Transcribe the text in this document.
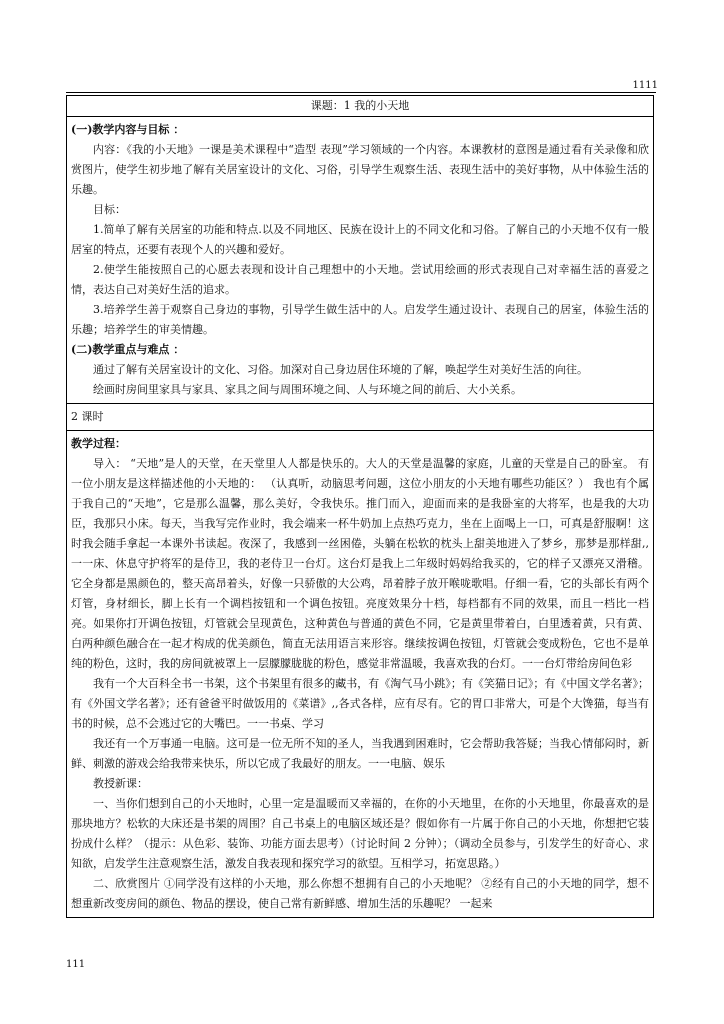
1111
课题：1 我的小天地
(一)教学内容与目标 ：

内容：《我的小天地》一课是美术课程中“造型 表现”学习领域的一个内容。本课教材的意图是通过看有关录像和欣赏图片，使学生初步地了解有关居室设计的文化、习俗，引导学生观察生活、表现生活中的美好事物，从中体验生活的乐趣。

目标：

1.简单了解有关居室的功能和特点.以及不同地区、民族在设计上的不同文化和习俗。了解自己的小天地不仅有一般居室的特点，还要有表现个人的兴趣和爱好。

2.使学生能按照自己的心愿去表现和设计自己理想中的小天地。尝试用绘画的形式表现自己对幸福生活的喜爱之情，表达自己对美好生活的追求。

3.培养学生善于观察自己身边的事物，引导学生做生活中的人。启发学生通过设计、表现自己的居室，体验生活的乐趣；培养学生的审美情趣。

(二)教学重点与难点 ：

通过了解有关居室设计的文化、习俗。加深对自己身边居住环境的了解，唤起学生对美好生活的向往。

绘画时房间里家具与家具、家具之间与周围环境之间、人与环境之间的前后、大小关系。

2 课时
教学过程：

导入： “天地”是人的天堂，在天堂里人人都是快乐的。大人的天堂是温馨的家庭，儿童的天堂是自己的卧室。 有一位小朋友是这样描述他的小天地的： （认真听，动脑思考问题，这位小朋友的小天地有哪些功能区？） 我也有个属于我自己的“天地”，它是那么温馨，那么美好，令我快乐。推门而入，迎面而来的是我卧室的大将军，也是我的大功臣，我那只小床。每天，当我写完作业时，我会端来一杯牛奶加上点热巧克力，坐在上面喝上一口，可真是舒服啊！这时我会随手拿起一本课外书读起。夜深了，我感到一丝困倦，头躺在松软的枕头上甜美地进入了梦乡，那梦是那样甜,,一一床、休息守护将军的是侍卫，我的老侍卫一台灯。这台灯是我上二年级时妈妈给我买的，它的样子又漂亮又滑稽。它全身都是黑颜色的，整天高昂着头，好像一只骄傲的大公鸡，昂着脖子放开喉咙歌唱。仔细一看，它的头部长有两个灯管，身材细长，脚上长有一个调档按钮和一个调色按钮。亮度效果分十档，每档都有不同的效果，而且一档比一档亮。如果你打开调色按钮，灯管就会呈现黄色，这种黄色与普通的黄色不同，它是黄里带着白，白里透着黄，只有黄、白两种颜色融合在一起才构成的优美颜色，简直无法用语言来形容。继续按调色按钮，灯管就会变成粉色，它也不是单纯的粉色，这时，我的房间就被罩上一层朦朦胧胧的粉色，感觉非常温暖，我喜欢我的台灯。一一台灯带给房间色彩

我有一个大百科全书一书架，这个书架里有很多的藏书，有《淘气马小跳》；有《笑猫日记》；有《中国文学名著》；有《外国文学名著》；还有爸爸平时做饭用的《菜谱》,,各式各样，应有尽有。它的胃口非常大，可是个大馋猫，每当有书的时候，总不会逃过它的大嘴巴。一一书桌、学习

我还有一个万事通一电脑。这可是一位无所不知的圣人，当我遇到困难时，它会帮助我答疑；当我心情郁闷时，新鲜、刺激的游戏会给我带来快乐，所以它成了我最好的朋友。一一电脑、娱乐

教授新课：

一、当你们想到自己的小天地时，心里一定是温暖而又幸福的，在你的小天地里，在你的小天地里，你最喜欢的是那块地方？松软的大床还是书架的周围？自己书桌上的电脑区域还是？假如你有一片属于你自己的小天地，你想把它装扮成什么样？（提示：从色彩、装饰、功能方面去思考）（讨论时间 2 分钟）；（调动全员参与，引发学生的好奇心、求知欲，启发学生注意观察生活，激发自我表现和探究学习的欲望。互相学习，拓宽思路。）

二、欣赏图片 ①同学没有这样的小天地，那么你想不想拥有自己的小天地呢？ ②经有自己的小天地的同学，想不想重新改变房间的颜色、物品的摆设，使自己常有新鲜感、增加生活的乐趣呢？ 一起来

111
